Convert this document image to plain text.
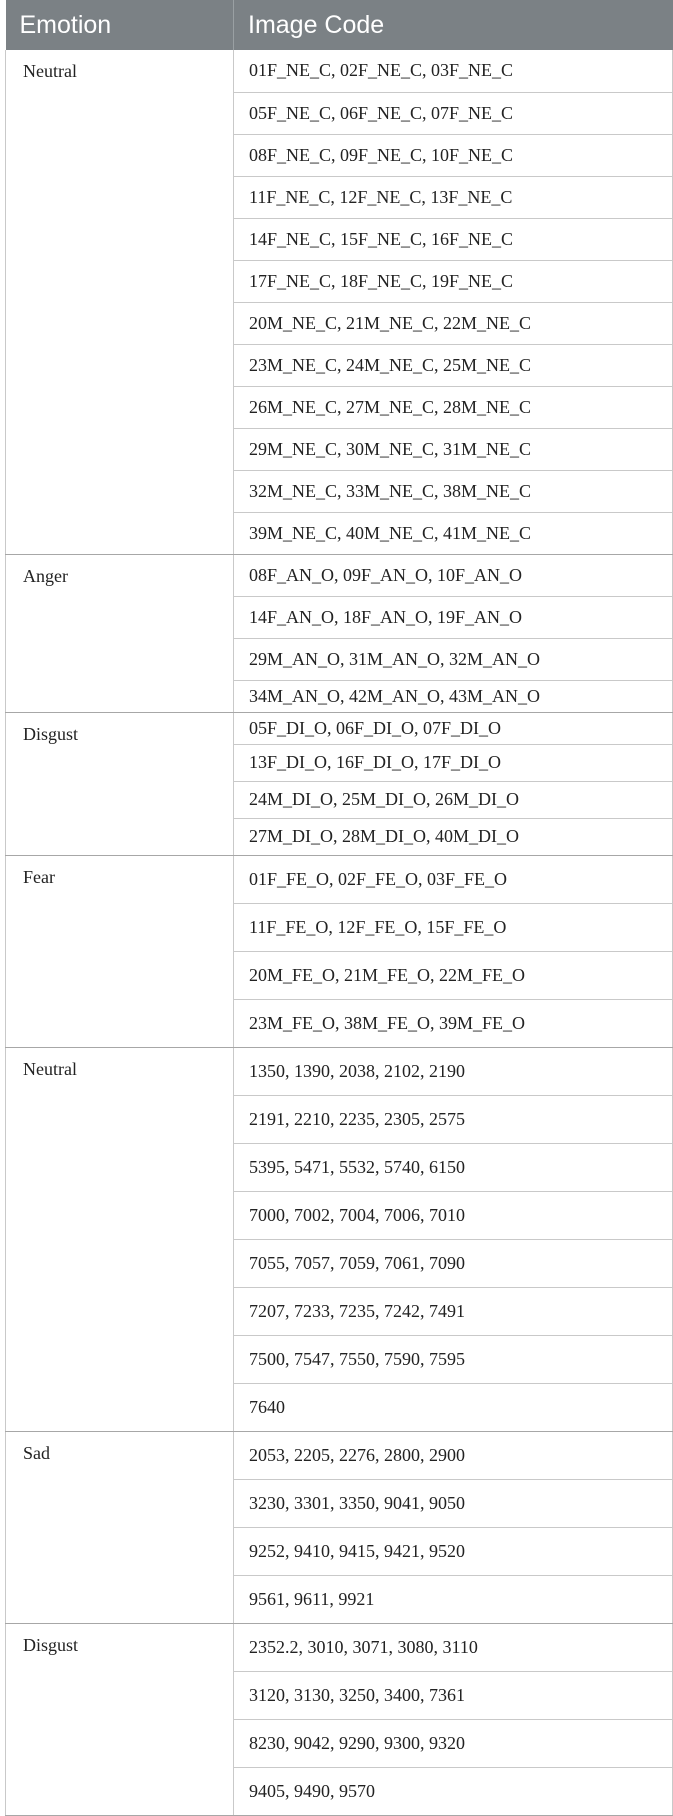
Emotion	Image Code
Neutral	01F_NE_C, 02F_NE_C, 03F_NE_C
	05F_NE_C, 06F_NE_C, 07F_NE_C
	08F_NE_C, 09F_NE_C, 10F_NE_C
	11F_NE_C, 12F_NE_C, 13F_NE_C
	14F_NE_C, 15F_NE_C, 16F_NE_C
	17F_NE_C, 18F_NE_C, 19F_NE_C
	20M_NE_C, 21M_NE_C, 22M_NE_C
	23M_NE_C, 24M_NE_C, 25M_NE_C
	26M_NE_C, 27M_NE_C, 28M_NE_C
	29M_NE_C, 30M_NE_C, 31M_NE_C
	32M_NE_C, 33M_NE_C, 38M_NE_C
	39M_NE_C, 40M_NE_C, 41M_NE_C
Anger	08F_AN_O, 09F_AN_O, 10F_AN_O
	14F_AN_O, 18F_AN_O, 19F_AN_O
	29M_AN_O, 31M_AN_O, 32M_AN_O
	34M_AN_O, 42M_AN_O, 43M_AN_O
Disgust	05F_DI_O, 06F_DI_O, 07F_DI_O
	13F_DI_O, 16F_DI_O, 17F_DI_O
	24M_DI_O, 25M_DI_O, 26M_DI_O
	27M_DI_O, 28M_DI_O, 40M_DI_O
Fear	01F_FE_O, 02F_FE_O, 03F_FE_O
	11F_FE_O, 12F_FE_O, 15F_FE_O
	20M_FE_O, 21M_FE_O, 22M_FE_O
	23M_FE_O, 38M_FE_O, 39M_FE_O
Neutral	1350, 1390, 2038, 2102, 2190
	2191, 2210, 2235, 2305, 2575
	5395, 5471, 5532, 5740, 6150
	7000, 7002, 7004, 7006, 7010
	7055, 7057, 7059, 7061, 7090
	7207, 7233, 7235, 7242, 7491
	7500, 7547, 7550, 7590, 7595
	7640
Sad	2053, 2205, 2276, 2800, 2900
	3230, 3301, 3350, 9041, 9050
	9252, 9410, 9415, 9421, 9520
	9561, 9611, 9921
Disgust	2352.2, 3010, 3071, 3080, 3110
	3120, 3130, 3250, 3400, 7361
	8230, 9042, 9290, 9300, 9320
	9405, 9490, 9570
